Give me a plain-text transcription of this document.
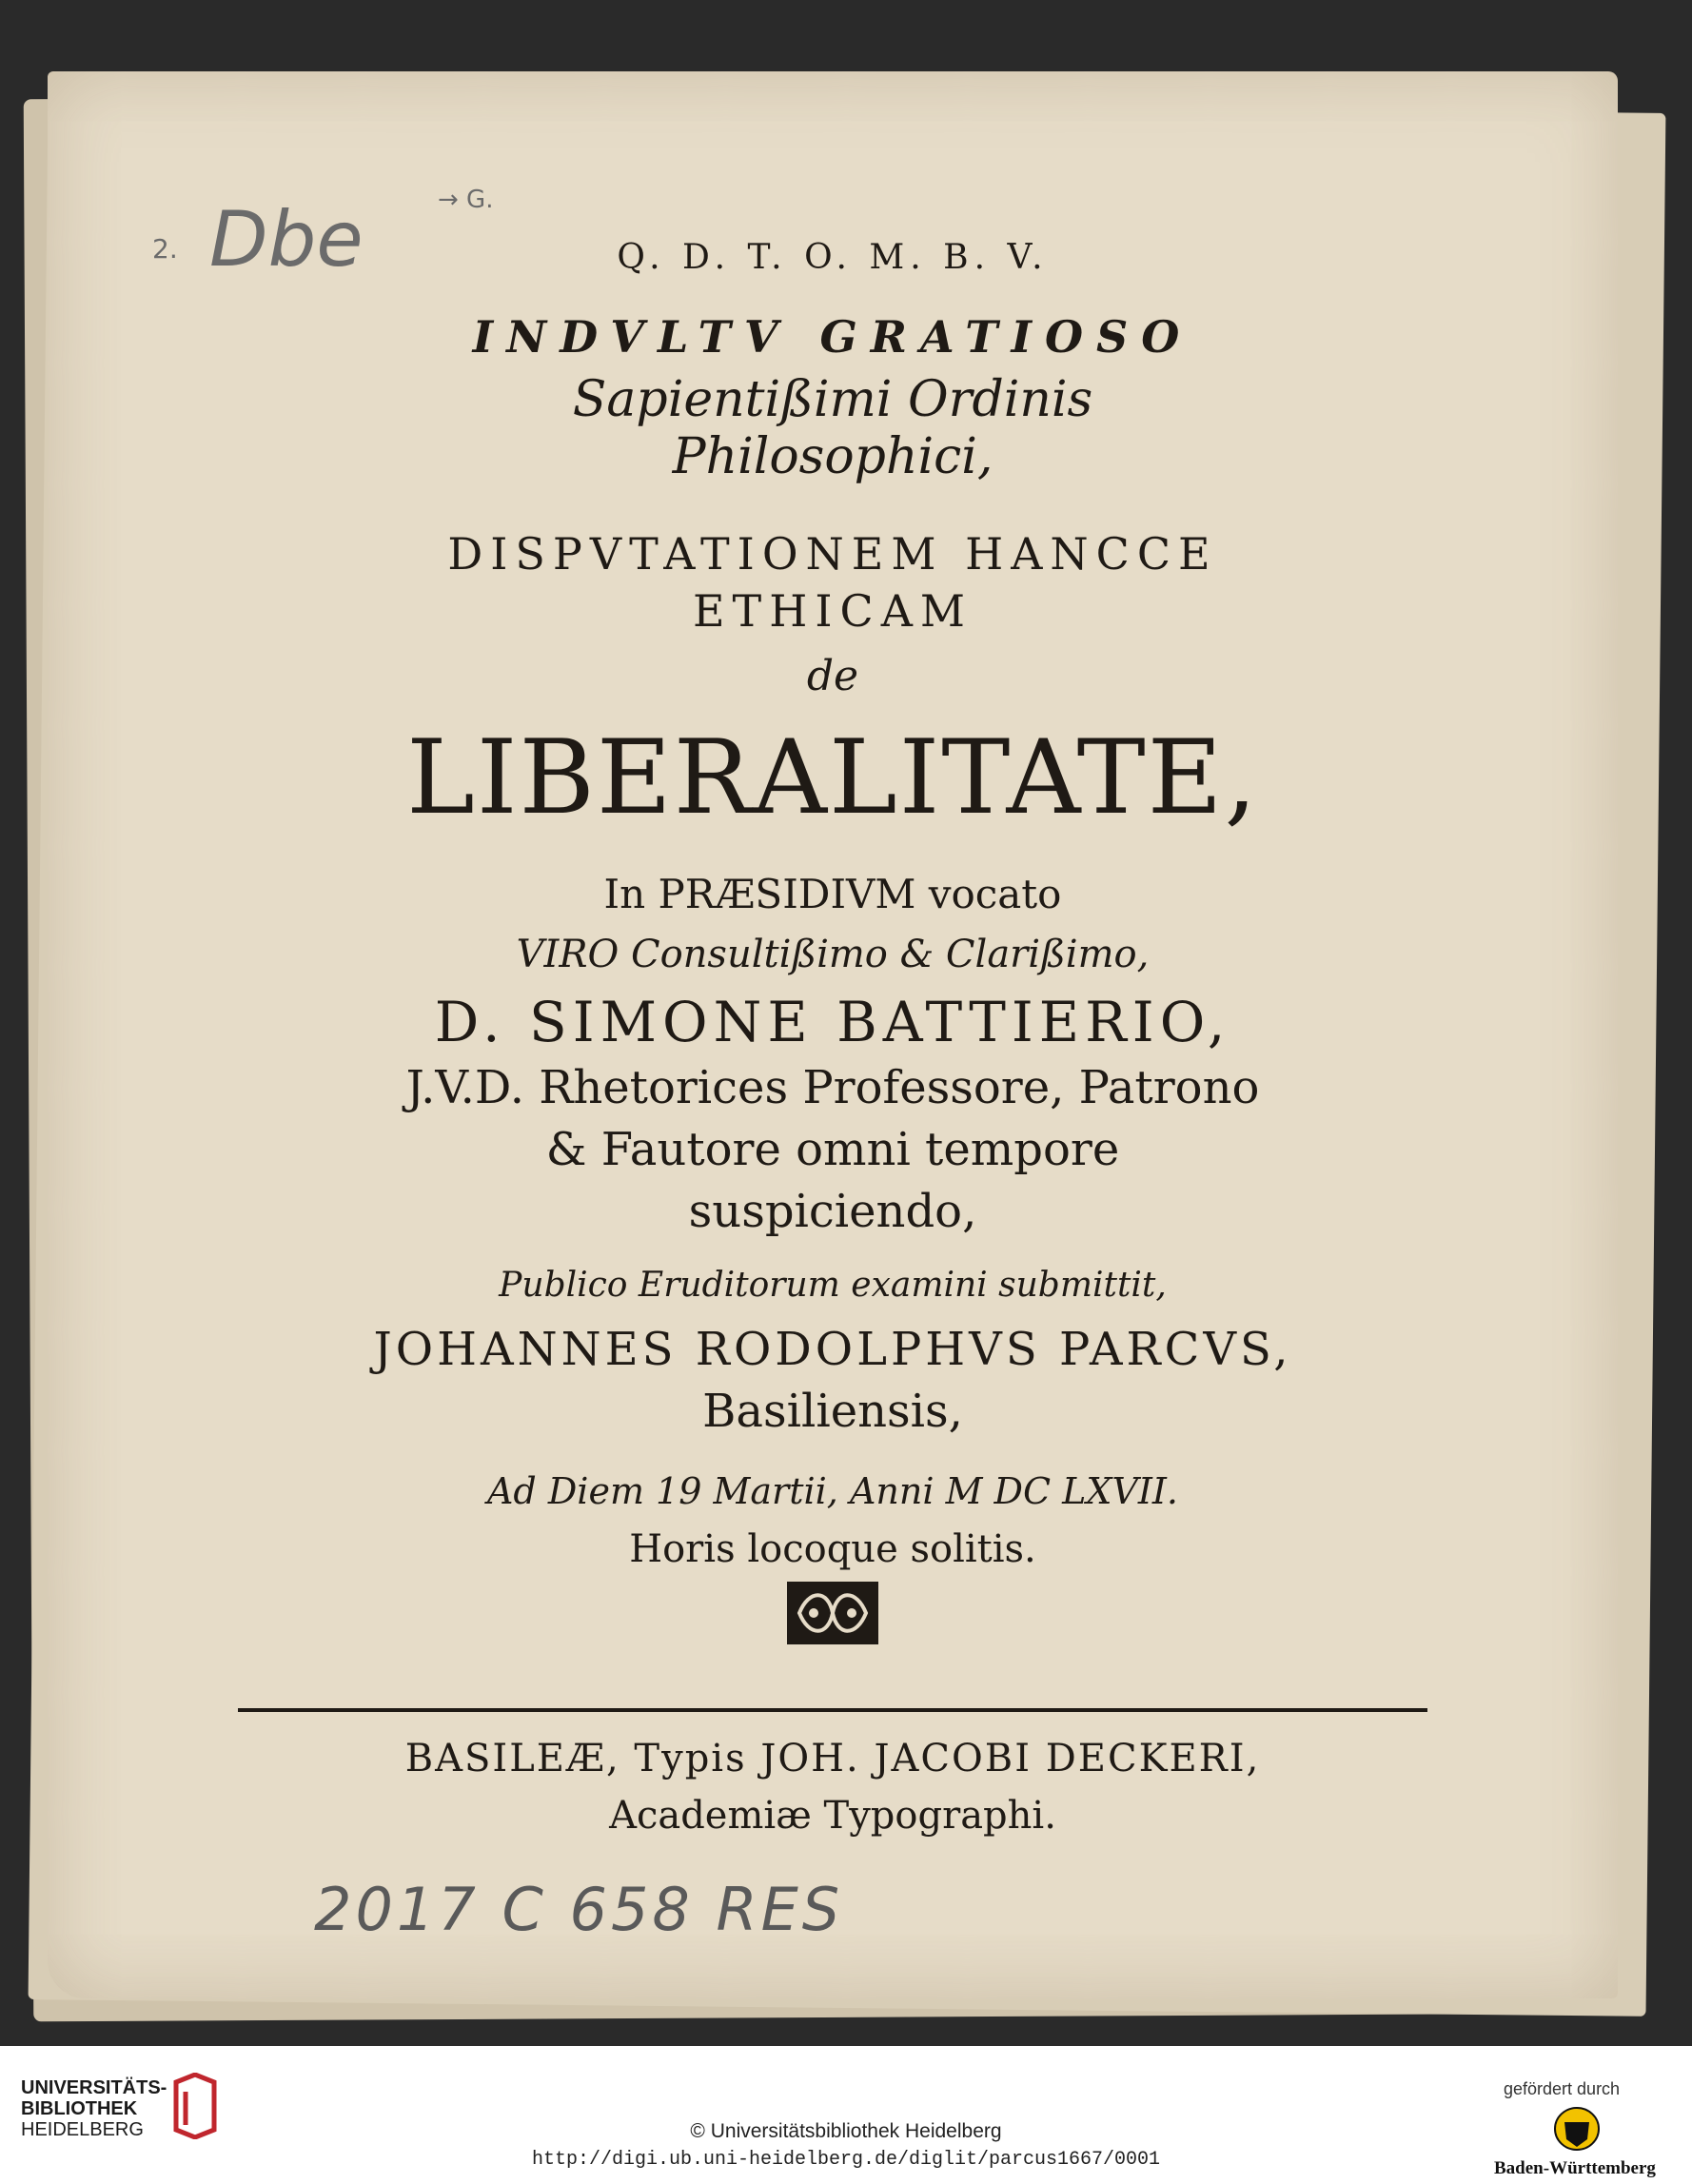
2.
→ G.
Dbe	Q. D. T. O. M. B. V.
INDVLTV GRATIOSO
Sapientißimi Ordinis
Philosophici,
DISPVTATIONEM HANCCE
ETHICAM
de
LIBERALITATE,
In PRÆSIDIVM vocato
VIRO Consultißimo & Clarißimo,
D. SIMONE BATTIERIO,
J.V.D. Rhetorices Professore, Patrono
& Fautore omni tempore
suspiciendo,
Publico Eruditorum examini submittit,
JOHANNES RODOLPHVS PARCVS,
Basiliensis,
Ad Diem 19 Martii, Anni M DC LXVII.
Horis locoque solitis.
BASILEÆ, Typis JOH. JACOBI DECKERI,
Academiæ Typographi.
2017 C 658 RES
UNIVERSITÄTS-
BIBLIOTHEK
HEIDELBERG	© Universitätsbibliothek Heidelberg
http://digi.ub.uni-heidelberg.de/diglit/parcus1667/0001
gefördert durch
Baden-Württemberg
